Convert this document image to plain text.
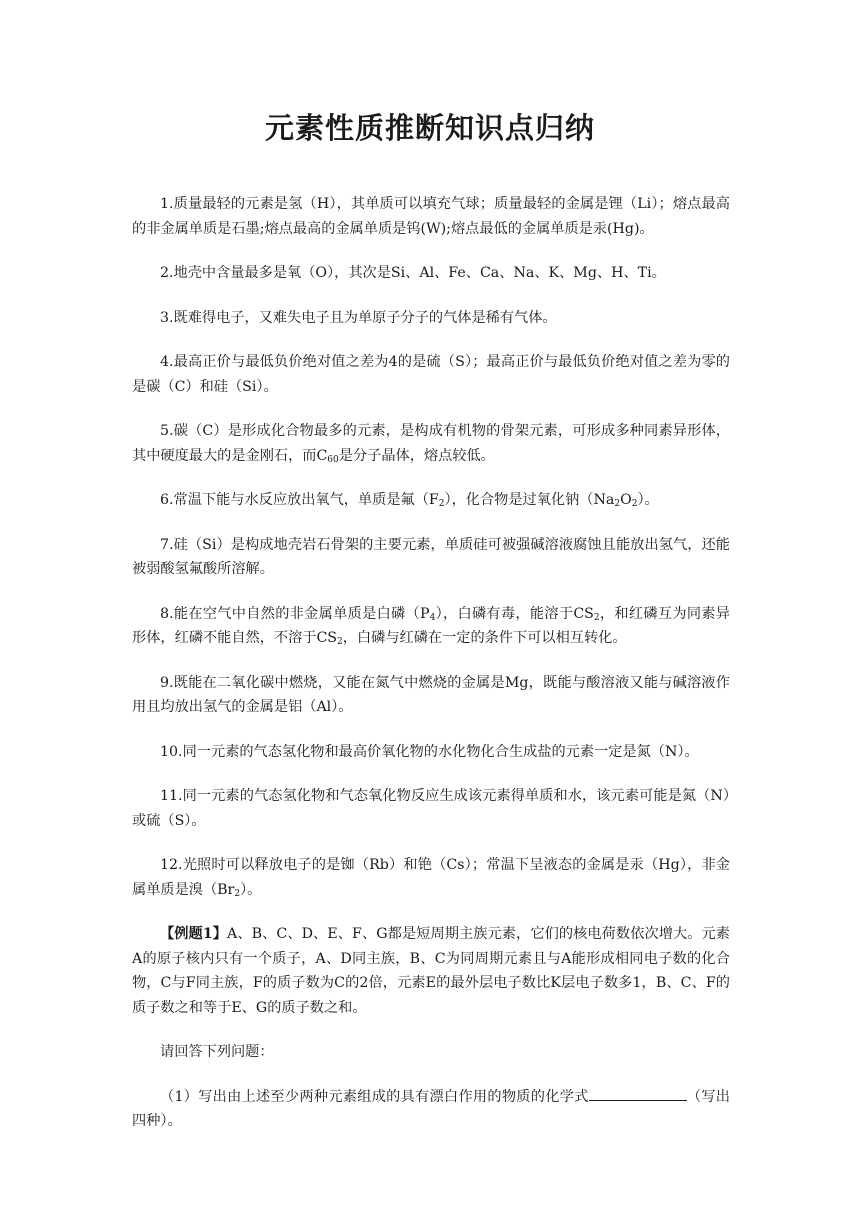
元素性质推断知识点归纳

1.质量最轻的元素是氢（H），其单质可以填充气球；质量最轻的金属是锂（Li）；熔点最高的非金属单质是石墨;熔点最高的金属单质是钨(W);熔点最低的金属单质是汞(Hg)。

2.地壳中含量最多是氧（O），其次是Si、Al、Fe、Ca、Na、K、Mg、H、Ti。

3.既难得电子，又难失电子且为单原子分子的气体是稀有气体。

4.最高正价与最低负价绝对值之差为4的是硫（S）；最高正价与最低负价绝对值之差为零的是碳（C）和硅（Si）。

5.碳（C）是形成化合物最多的元素，是构成有机物的骨架元素，可形成多种同素异形体，其中硬度最大的是金刚石，而$C_{60}$是分子晶体，熔点较低。

6.常温下能与水反应放出氧气，单质是氟$(F_2)$，化合物是过氧化钠$(Na_2O_2)$。

7.硅（Si）是构成地壳岩石骨架的主要元素，单质硅可被强碱溶液腐蚀且能放出氢气，还能被弱酸氢氟酸所溶解。

8.能在空气中自然的非金属单质是白磷$(P_4)$，白磷有毒，能溶于$CS_2$，和红磷互为同素异形体，红磷不能自然，不溶于$CS_2$，白磷与红磷在一定的条件下可以相互转化。

9.既能在二氧化碳中燃烧，又能在氮气中燃烧的金属是Mg，既能与酸溶液又能与碱溶液作用且均放出氢气的金属是铝（Al）。

10.同一元素的气态氢化物和最高价氧化物的水化物化合生成盐的元素一定是氮（N）。

11.同一元素的气态氢化物和气态氧化物反应生成该元素得单质和水，该元素可能是氮（N）或硫（S）。

12.光照时可以释放电子的是铷（Rb）和铯（Cs）；常温下呈液态的金属是汞（Hg），非金属单质是溴$(Br_2)$。

【例题1】A、B、C、D、E、F、G都是短周期主族元素，它们的核电荷数依次增大。元素A的原子核内只有一个质子，A、D同主族，B、C为同周期元素且与A能形成相同电子数的化合物，C与F同主族，F的质子数为C的2倍，元素E的最外层电子数比K层电子数多1，B、C、F的质子数之和等于E、G的质子数之和。

请回答下列问题：

（1）写出由上述至少两种元素组成的具有漂白作用的物质的化学式	（写出四种）。
